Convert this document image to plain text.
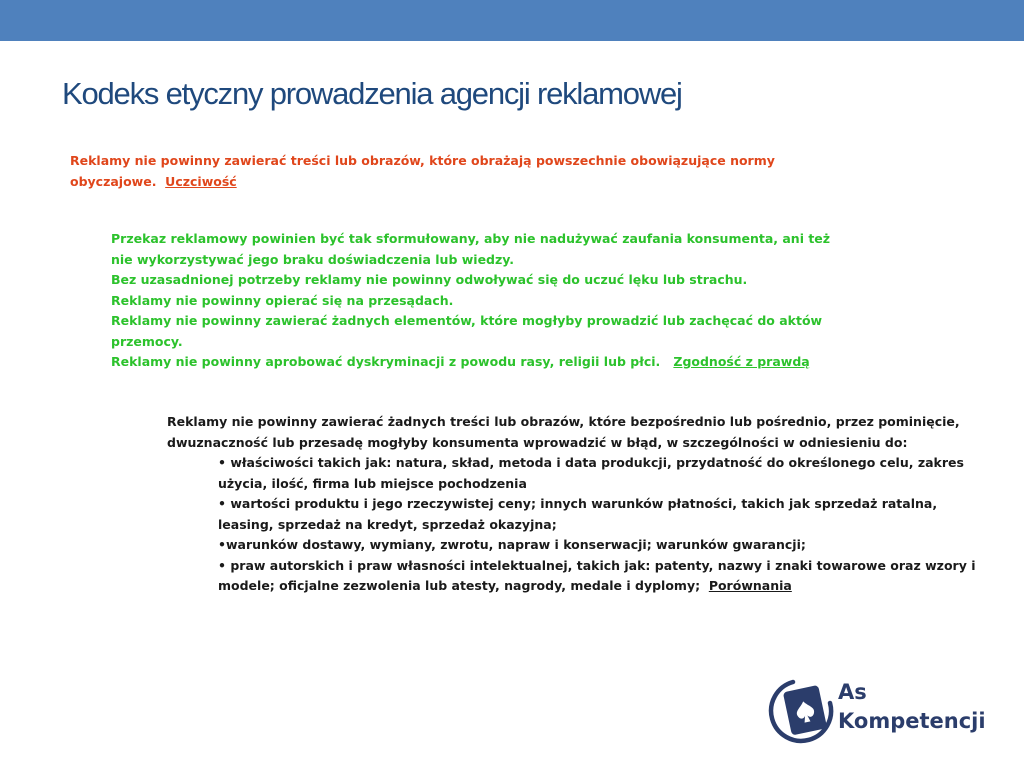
Kodeks etyczny prowadzenia agencji reklamowej

Reklamy nie powinny zawierać treści lub obrazów, które obrażają powszechnie obowiązujące normy obyczajowe. Uczciwość

Przekaz reklamowy powinien być tak sformułowany, aby nie nadużywać zaufania konsumenta, ani też nie wykorzystywać jego braku doświadczenia lub wiedzy.

Bez uzasadnionej potrzeby reklamy nie powinny odwoływać się do uczuć lęku lub strachu.

Reklamy nie powinny opierać się na przesądach.

Reklamy nie powinny zawierać żadnych elementów, które mogłyby prowadzić lub zachęcać do aktów przemocy.

Reklamy nie powinny aprobować dyskryminacji z powodu rasy, religii lub płci. Zgodność z prawdą

Reklamy nie powinny zawierać żadnych treści lub obrazów, które bezpośrednio lub pośrednio, przez pominięcie, dwuznaczność lub przesadę mogłyby konsumenta wprowadzić w błąd, w szczególności w odniesieniu do:

• właściwości takich jak: natura, skład, metoda i data produkcji, przydatność do określonego celu, zakres użycia, ilość, firma lub miejsce pochodzenia

• wartości produktu i jego rzeczywistej ceny; innych warunków płatności, takich jak sprzedaż ratalna, leasing, sprzedaż na kredyt, sprzedaż okazyjna;

•warunków dostawy, wymiany, zwrotu, napraw i konserwacji; warunków gwarancji;

• praw autorskich i praw własności intelektualnej, takich jak: patenty, nazwy i znaki towarowe oraz wzory i modele; oficjalne zezwolenia lub atesty, nagrody, medale i dyplomy; Porównania

As
Kompetencji
